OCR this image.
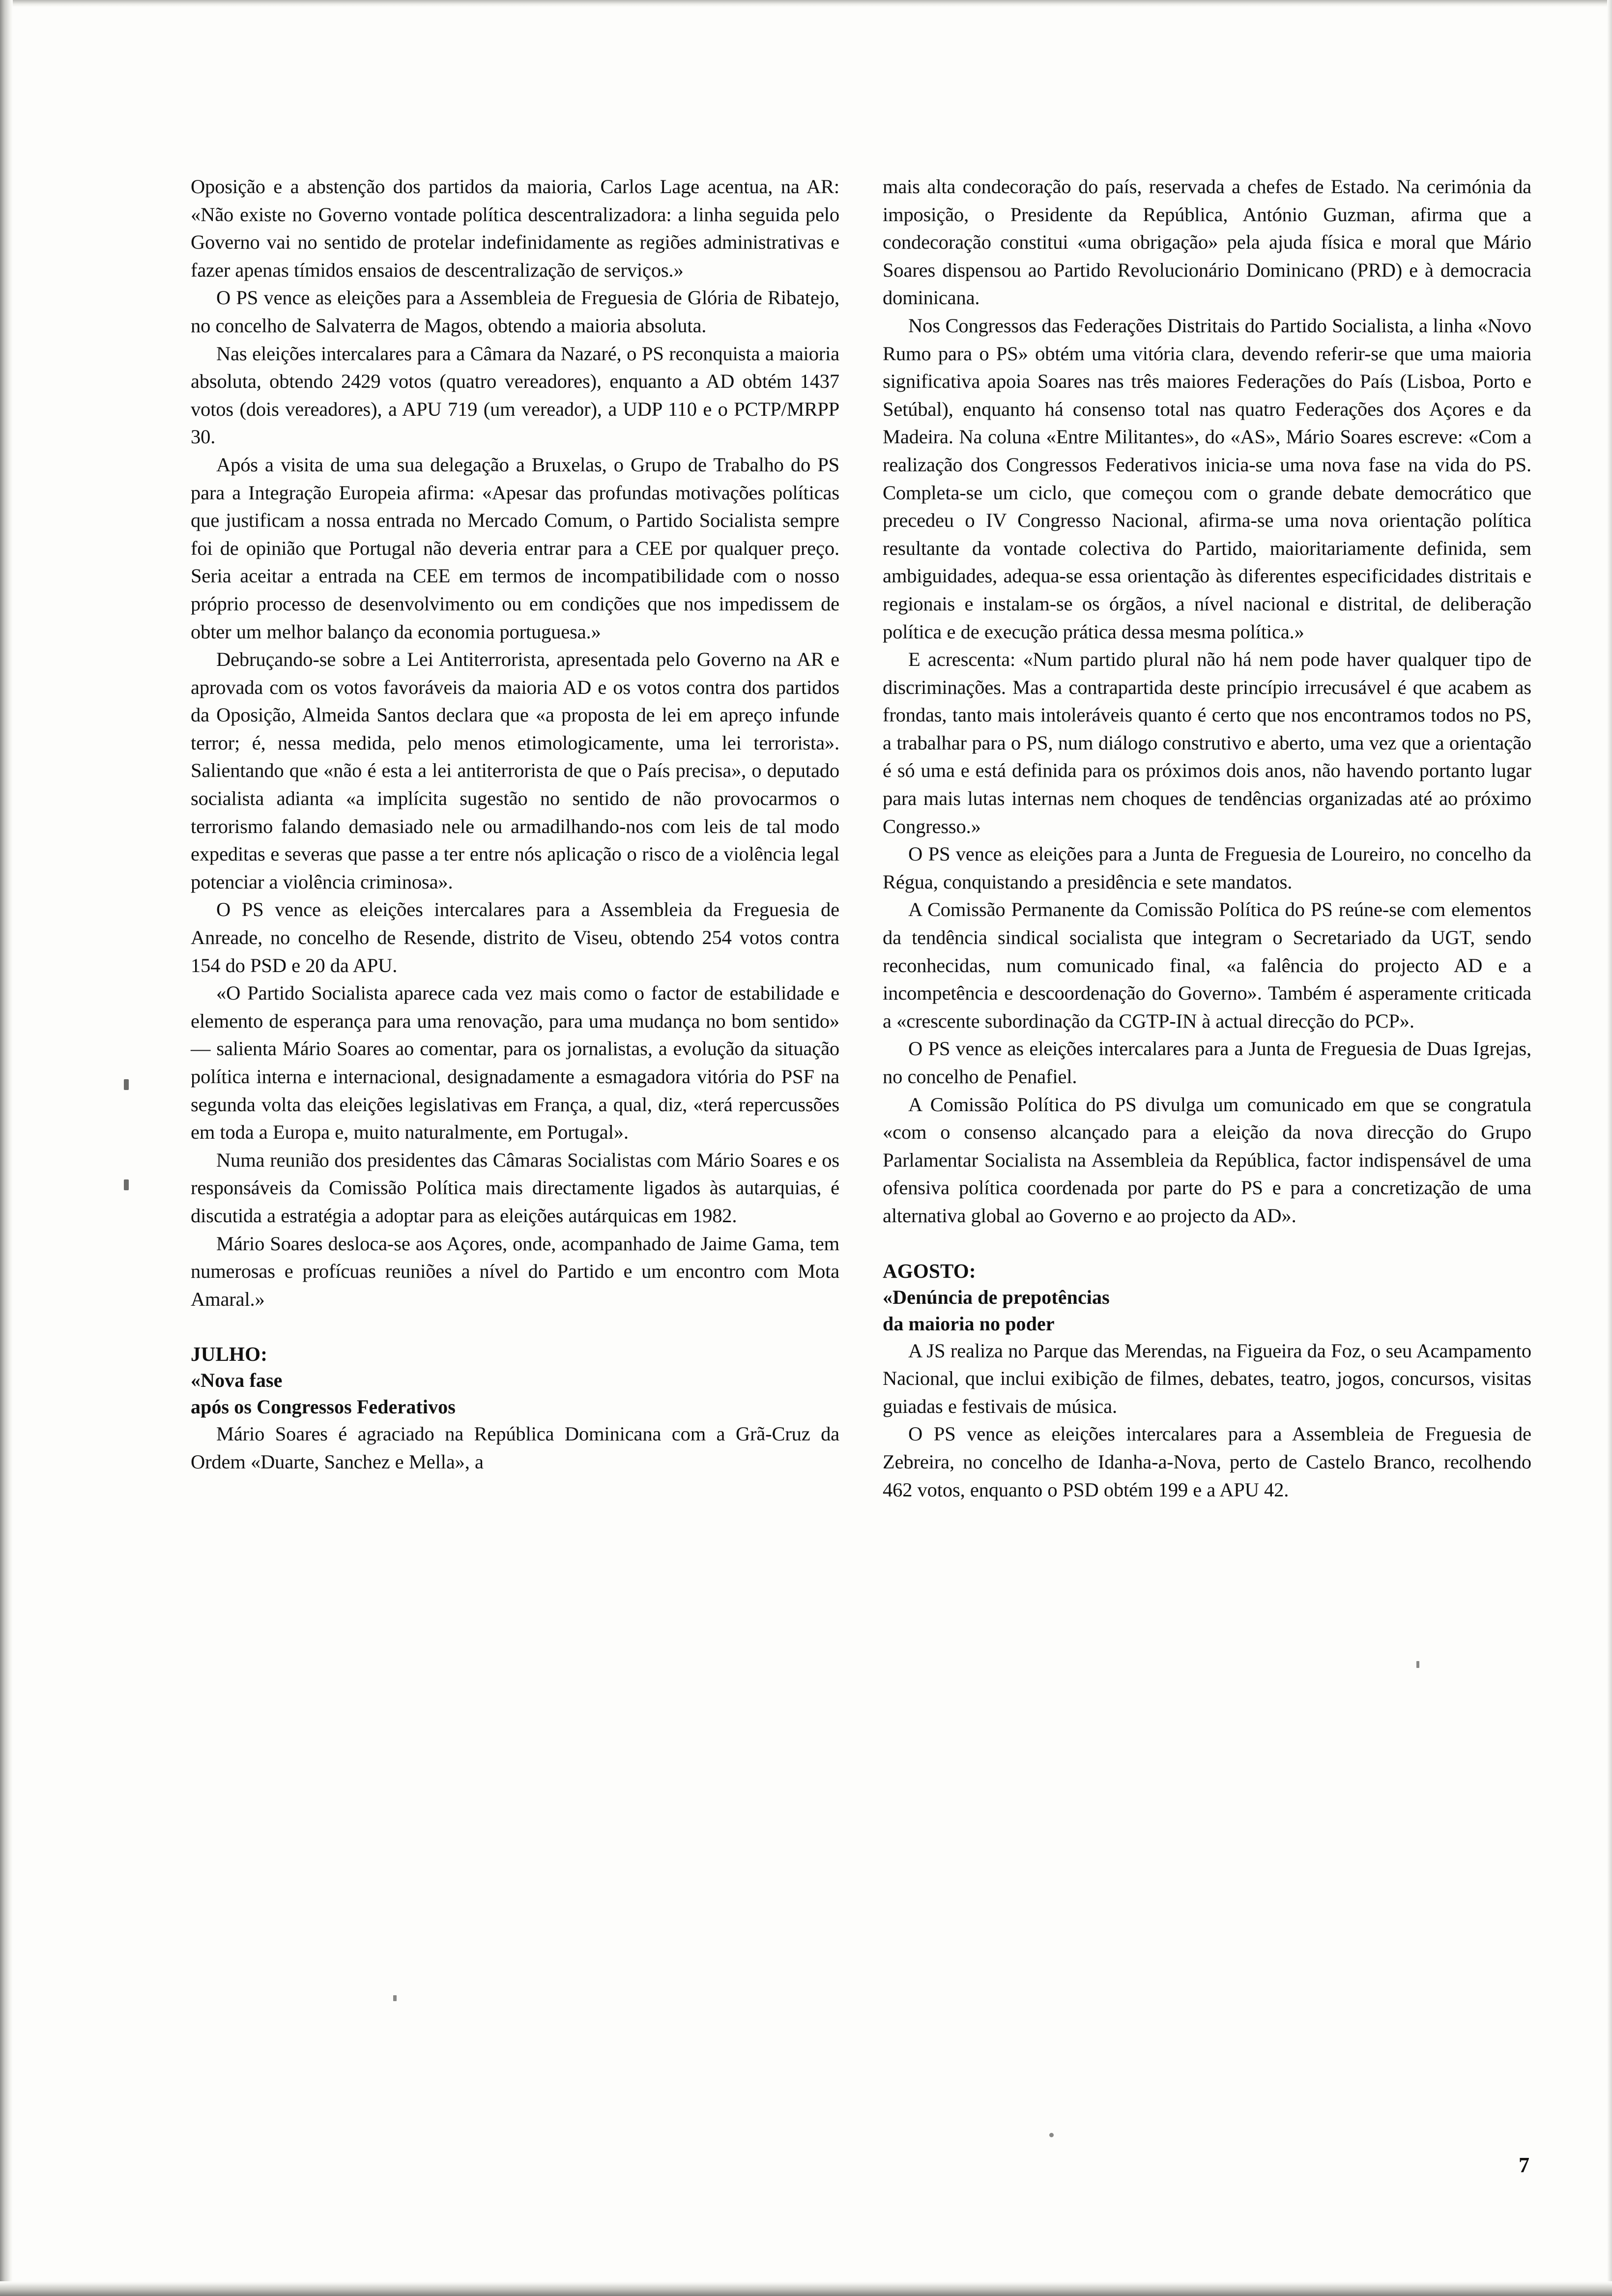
Oposição e a abstenção dos partidos da maioria, Carlos Lage acentua, na AR: «Não existe no Governo vontade política descentralizadora: a linha seguida pelo Governo vai no sentido de protelar indefinidamente as regiões administrativas e fazer apenas tímidos ensaios de descentralização de serviços.»

O PS vence as eleições para a Assembleia de Freguesia de Glória de Ribatejo, no concelho de Salvaterra de Magos, obtendo a maioria absoluta.

Nas eleições intercalares para a Câmara da Nazaré, o PS reconquista a maioria absoluta, obtendo 2429 votos (quatro vereadores), enquanto a AD obtém 1437 votos (dois vereadores), a APU 719 (um vereador), a UDP 110 e o PCTP/MRPP 30.

Após a visita de uma sua delegação a Bruxelas, o Grupo de Trabalho do PS para a Integração Europeia afirma: «Apesar das profundas motivações políticas que justificam a nossa entrada no Mercado Comum, o Partido Socialista sempre foi de opinião que Portugal não deveria entrar para a CEE por qualquer preço. Seria aceitar a entrada na CEE em termos de incompatibilidade com o nosso próprio processo de desenvolvimento ou em condições que nos impedissem de obter um melhor balanço da economia portuguesa.»

Debruçando-se sobre a Lei Antiterrorista, apresentada pelo Governo na AR e aprovada com os votos favoráveis da maioria AD e os votos contra dos partidos da Oposição, Almeida Santos declara que «a proposta de lei em apreço infunde terror; é, nessa medida, pelo menos etimologicamente, uma lei terrorista». Salientando que «não é esta a lei antiterrorista de que o País precisa», o deputado socialista adianta «a implícita sugestão no sentido de não provocarmos o terrorismo falando demasiado nele ou armadilhando-nos com leis de tal modo expeditas e severas que passe a ter entre nós aplicação o risco de a violência legal potenciar a violência criminosa».

O PS vence as eleições intercalares para a Assembleia da Freguesia de Anreade, no concelho de Resende, distrito de Viseu, obtendo 254 votos contra 154 do PSD e 20 da APU.

«O Partido Socialista aparece cada vez mais como o factor de estabilidade e elemento de esperança para uma renovação, para uma mudança no bom sentido» — salienta Mário Soares ao comentar, para os jornalistas, a evolução da situação política interna e internacional, designadamente a esmagadora vitória do PSF na segunda volta das eleições legislativas em França, a qual, diz, «terá repercussões em toda a Europa e, muito naturalmente, em Portugal».

Numa reunião dos presidentes das Câmaras Socialistas com Mário Soares e os responsáveis da Comissão Política mais directamente ligados às autarquias, é discutida a estratégia a adoptar para as eleições autárquicas em 1982.

Mário Soares desloca-se aos Açores, onde, acompanhado de Jaime Gama, tem numerosas e profícuas reuniões a nível do Partido e um encontro com Mota Amaral.»

JULHO:

«Nova fase

após os Congressos Federativos

Mário Soares é agraciado na República Dominicana com a Grã-Cruz da Ordem «Duarte, Sanchez e Mella», a

mais alta condecoração do país, reservada a chefes de Estado. Na cerimónia da imposição, o Presidente da República, António Guzman, afirma que a condecoração constitui «uma obrigação» pela ajuda física e moral que Mário Soares dispensou ao Partido Revolucionário Dominicano (PRD) e à democracia dominicana.

Nos Congressos das Federações Distritais do Partido Socialista, a linha «Novo Rumo para o PS» obtém uma vitória clara, devendo referir-se que uma maioria significativa apoia Soares nas três maiores Federações do País (Lisboa, Porto e Setúbal), enquanto há consenso total nas quatro Federações dos Açores e da Madeira. Na coluna «Entre Militantes», do «AS», Mário Soares escreve: «Com a realização dos Congressos Federativos inicia-se uma nova fase na vida do PS. Completa-se um ciclo, que começou com o grande debate democrático que precedeu o IV Congresso Nacional, afirma-se uma nova orientação política resultante da vontade colectiva do Partido, maioritariamente definida, sem ambiguidades, adequa-se essa orientação às diferentes especificidades distritais e regionais e instalam-se os órgãos, a nível nacional e distrital, de deliberação política e de execução prática dessa mesma política.»

E acrescenta: «Num partido plural não há nem pode haver qualquer tipo de discriminações. Mas a contrapartida deste princípio irrecusável é que acabem as frondas, tanto mais intoleráveis quanto é certo que nos encontramos todos no PS, a trabalhar para o PS, num diálogo construtivo e aberto, uma vez que a orientação é só uma e está definida para os próximos dois anos, não havendo portanto lugar para mais lutas internas nem choques de tendências organizadas até ao próximo Congresso.»

O PS vence as eleições para a Junta de Freguesia de Loureiro, no concelho da Régua, conquistando a presidência e sete mandatos.

A Comissão Permanente da Comissão Política do PS reúne-se com elementos da tendência sindical socialista que integram o Secretariado da UGT, sendo reconhecidas, num comunicado final, «a falência do projecto AD e a incompetência e descoordenação do Governo». Também é asperamente criticada a «crescente subordinação da CGTP-IN à actual direcção do PCP».

O PS vence as eleições intercalares para a Junta de Freguesia de Duas Igrejas, no concelho de Penafiel.

A Comissão Política do PS divulga um comunicado em que se congratula «com o consenso alcançado para a eleição da nova direcção do Grupo Parlamentar Socialista na Assembleia da República, factor indispensável de uma ofensiva política coordenada por parte do PS e para a concretização de uma alternativa global ao Governo e ao projecto da AD».

AGOSTO:

«Denúncia de prepotências

da maioria no poder

A JS realiza no Parque das Merendas, na Figueira da Foz, o seu Acampamento Nacional, que inclui exibição de filmes, debates, teatro, jogos, concursos, visitas guiadas e festivais de música.

O PS vence as eleições intercalares para a Assembleia de Freguesia de Zebreira, no concelho de Idanha-a-Nova, perto de Castelo Branco, recolhendo 462 votos, enquanto o PSD obtém 199 e a APU 42.

7
